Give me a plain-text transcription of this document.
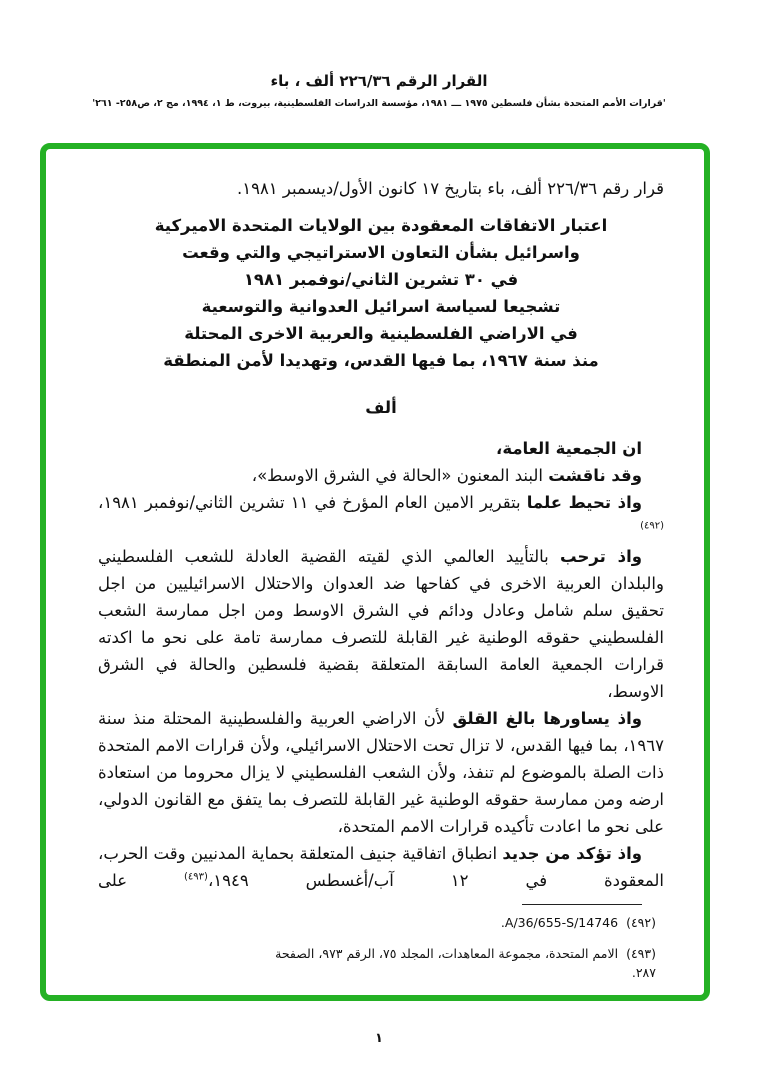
القرار الرقم ٢٢٦/٣٦ ألف ، باء
'قرارات الأمم المتحدة بشأن فلسطين ١٩٧٥ ـــ ١٩٨١، مؤسسة الدراسات الفلسطينية، بيروت، ط ١، ١٩٩٤، مج ٢، ص٢٥٨- ٢٦١'

قرار رقم ٢٢٦/٣٦ ألف، باء بتاريخ ١٧ كانون الأول/ديسمبر ١٩٨١.

اعتبار الاتفاقات المعقودة بين الولايات المتحدة الاميركية
واسرائيل بشأن التعاون الاستراتيجي والتي وقعت
في ٣٠ تشرين الثاني/نوفمبر ١٩٨١
تشجيعا لسياسة اسرائيل العدوانية والتوسعية
في الاراضي الفلسطينية والعربية الاخرى المحتلة
منذ سنة ١٩٦٧، بما فيها القدس، وتهديدا لأمن المنطقة
ألف

ان الجمعية العامة،

وقد ناقشت البند المعنون «الحالة في الشرق الاوسط»،

واذ تحيط علما بتقرير الامين العام المؤرخ في ١١ تشرين الثاني/نوفمبر ١٩٨١،$^{(٤٩٢)}$

واذ ترحب بالتأييد العالمي الذي لقيته القضية العادلة للشعب الفلسطيني والبلدان العربية الاخرى في كفاحها ضد العدوان والاحتلال الاسرائيليين من اجل تحقيق سلم شامل وعادل ودائم في الشرق الاوسط ومن اجل ممارسة الشعب الفلسطيني حقوقه الوطنية غير القابلة للتصرف ممارسة تامة على نحو ما اكدته قرارات الجمعية العامة السابقة المتعلقة بقضية فلسطين والحالة في الشرق الاوسط،

واذ يساورها بالغ القلق لأن الاراضي العربية والفلسطينية المحتلة منذ سنة ١٩٦٧، بما فيها القدس، لا تزال تحت الاحتلال الاسرائيلي، ولأن قرارات الامم المتحدة ذات الصلة بالموضوع لم تنفذ، ولأن الشعب الفلسطيني لا يزال محروما من استعادة ارضه ومن ممارسة حقوقه الوطنية غير القابلة للتصرف بما يتفق مع القانون الدولي، على نحو ما اعادت تأكيده قرارات الامم المتحدة،

واذ تؤكد من جديد انطباق اتفاقية جنيف المتعلقة بحماية المدنيين وقت الحرب، المعقودة في ١٢ آب/أغسطس ١٩٤٩،$^{(٤٩٣)}$ على

(٤٩٢)A/36/655-S/14746.
(٤٩٣)الامم المتحدة، مجموعة المعاهدات، المجلد ٧٥، الرقم ٩٧٣، الصفحة ٢٨٧.
١
